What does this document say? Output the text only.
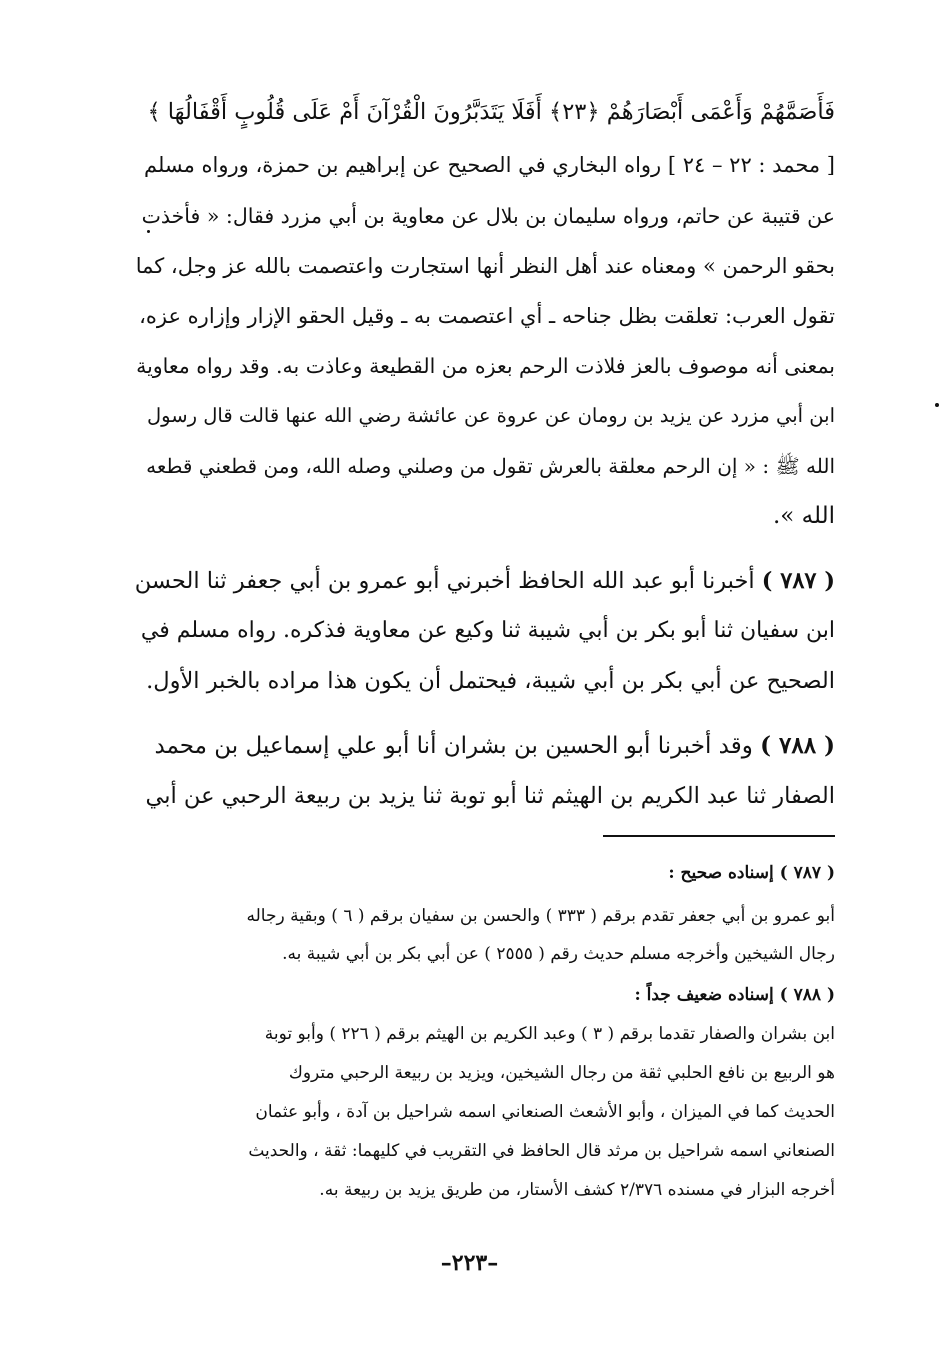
فَأَصَمَّهُمْ وَأَعْمَى أَبْصَارَهُمْ ﴿٢٣﴾ أَفَلَا يَتَدَبَّرُونَ الْقُرْآنَ أَمْ عَلَى قُلُوبٍ أَقْفَالُهَا ﴾
[ محمد : ٢٢ – ٢٤ ] رواه البخاري في الصحيح عن إبراهيم بن حمزة، ورواه مسلم
عن قتيبة عن حاتم، ورواه سليمان بن بلال عن معاوية بن أبي مزرد فقال: « فأخذت
بحقو الرحمن » ومعناه عند أهل النظر أنها استجارت واعتصمت بالله عز وجل، كما
تقول العرب: تعلقت بظل جناحه ـ أي اعتصمت به ـ وقيل الحقو الإزار وإزاره عزه،
بمعنى أنه موصوف بالعز فلاذت الرحم بعزه من القطيعة وعاذت به. وقد رواه معاوية
ابن أبي مزرد عن يزيد بن رومان عن عروة عن عائشة رضي الله عنها قالت قال رسول
الله ﷺ : « إن الرحم معلقة بالعرش تقول من وصلني وصله الله، ومن قطعني قطعه
الله ».
( ٧٨٧ ) أخبرنا أبو عبد الله الحافظ أخبرني أبو عمرو بن أبي جعفر ثنا الحسن
ابن سفيان ثنا أبو بكر بن أبي شيبة ثنا وكيع عن معاوية فذكره. رواه مسلم في
الصحيح عن أبي بكر بن أبي شيبة، فيحتمل أن يكون هذا مراده بالخبر الأول.
( ٧٨٨ ) وقد أخبرنا أبو الحسين بن بشران أنا أبو علي إسماعيل بن محمد
الصفار ثنا عبد الكريم بن الهيثم ثنا أبو توبة ثنا يزيد بن ربيعة الرحبي عن أبي
( ٧٨٧ ) إسناده صحيح :
أبو عمرو بن أبي جعفر تقدم برقم ( ٣٣٣ ) والحسن بن سفيان برقم ( ٦ ) وبقية رجاله
رجال الشيخين وأخرجه مسلم حديث رقم ( ٢٥٥٥ ) عن أبي بكر بن أبي شيبة به.
( ٧٨٨ ) إسناده ضعيف جداً :
ابن بشران والصفار تقدما برقم ( ٣ ) وعبد الكريم بن الهيثم برقم ( ٢٢٦ ) وأبو توبة
هو الربيع بن نافع الحلبي ثقة من رجال الشيخين، ويزيد بن ربيعة الرحبي متروك
الحديث كما في الميزان ، وأبو الأشعث الصنعاني اسمه شراحيل بن آدة ، وأبو عثمان
الصنعاني اسمه شراحيل بن مرثد قال الحافظ في التقريب في كليهما: ثقة ، والحديث
أخرجه البزار في مسنده ٢/٣٧٦ كشف الأستار، من طريق يزيد بن ربيعة به.
–٢٢٣–
